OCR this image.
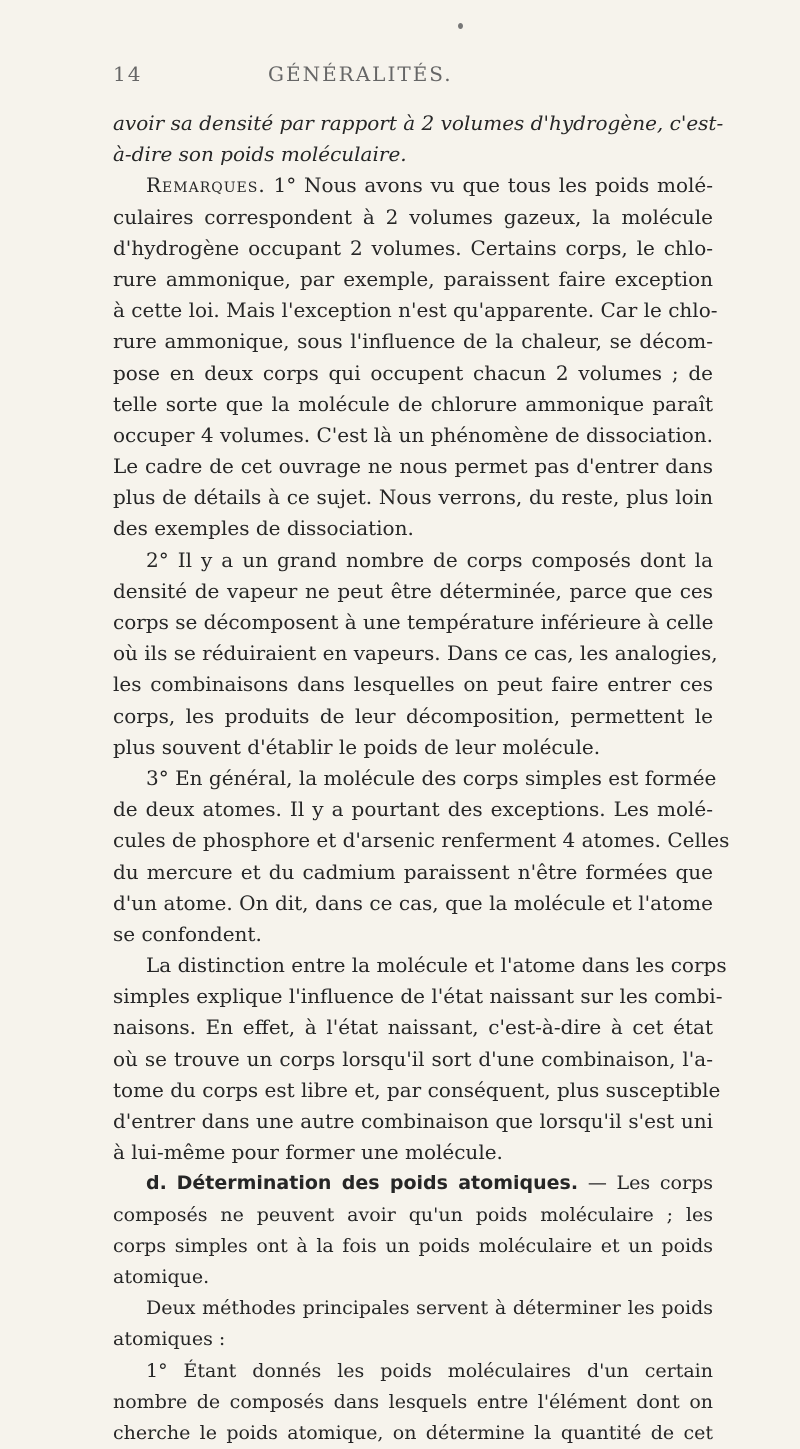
14	GÉNÉRALITÉS.
avoir sa densité par rapport à 2 volumes d'hydrogène, c'est-
à-dire son poids moléculaire.
Remarques. 1° Nous avons vu que tous les poids molé-
culaires correspondent à 2 volumes gazeux, la molécule
d'hydrogène occupant 2 volumes. Certains corps, le chlo-
rure ammonique, par exemple, paraissent faire exception
à cette loi. Mais l'exception n'est qu'apparente. Car le chlo-
rure ammonique, sous l'influence de la chaleur, se décom-
pose en deux corps qui occupent chacun 2 volumes ; de
telle sorte que la molécule de chlorure ammonique paraît
occuper 4 volumes. C'est là un phénomène de dissociation.
Le cadre de cet ouvrage ne nous permet pas d'entrer dans
plus de détails à ce sujet. Nous verrons, du reste, plus loin
des exemples de dissociation.
2° Il y a un grand nombre de corps composés dont la
densité de vapeur ne peut être déterminée, parce que ces
corps se décomposent à une température inférieure à celle
où ils se réduiraient en vapeurs. Dans ce cas, les analogies,
les combinaisons dans lesquelles on peut faire entrer ces
corps, les produits de leur décomposition, permettent le
plus souvent d'établir le poids de leur molécule.
3° En général, la molécule des corps simples est formée
de deux atomes. Il y a pourtant des exceptions. Les molé-
cules de phosphore et d'arsenic renferment 4 atomes. Celles
du mercure et du cadmium paraissent n'être formées que
d'un atome. On dit, dans ce cas, que la molécule et l'atome
se confondent.
La distinction entre la molécule et l'atome dans les corps
simples explique l'influence de l'état naissant sur les combi-
naisons. En effet, à l'état naissant, c'est-à-dire à cet état
où se trouve un corps lorsqu'il sort d'une combinaison, l'a-
tome du corps est libre et, par conséquent, plus susceptible
d'entrer dans une autre combinaison que lorsqu'il s'est uni
à lui-même pour former une molécule.
d. Détermination des poids atomiques. — Les corps
composés ne peuvent avoir qu'un poids moléculaire ; les
corps simples ont à la fois un poids moléculaire et un poids
atomique.
Deux méthodes principales servent à déterminer les poids
atomiques :
1° Étant donnés les poids moléculaires d'un certain
nombre de composés dans lesquels entre l'élément dont on
cherche le poids atomique, on détermine la quantité de cet
